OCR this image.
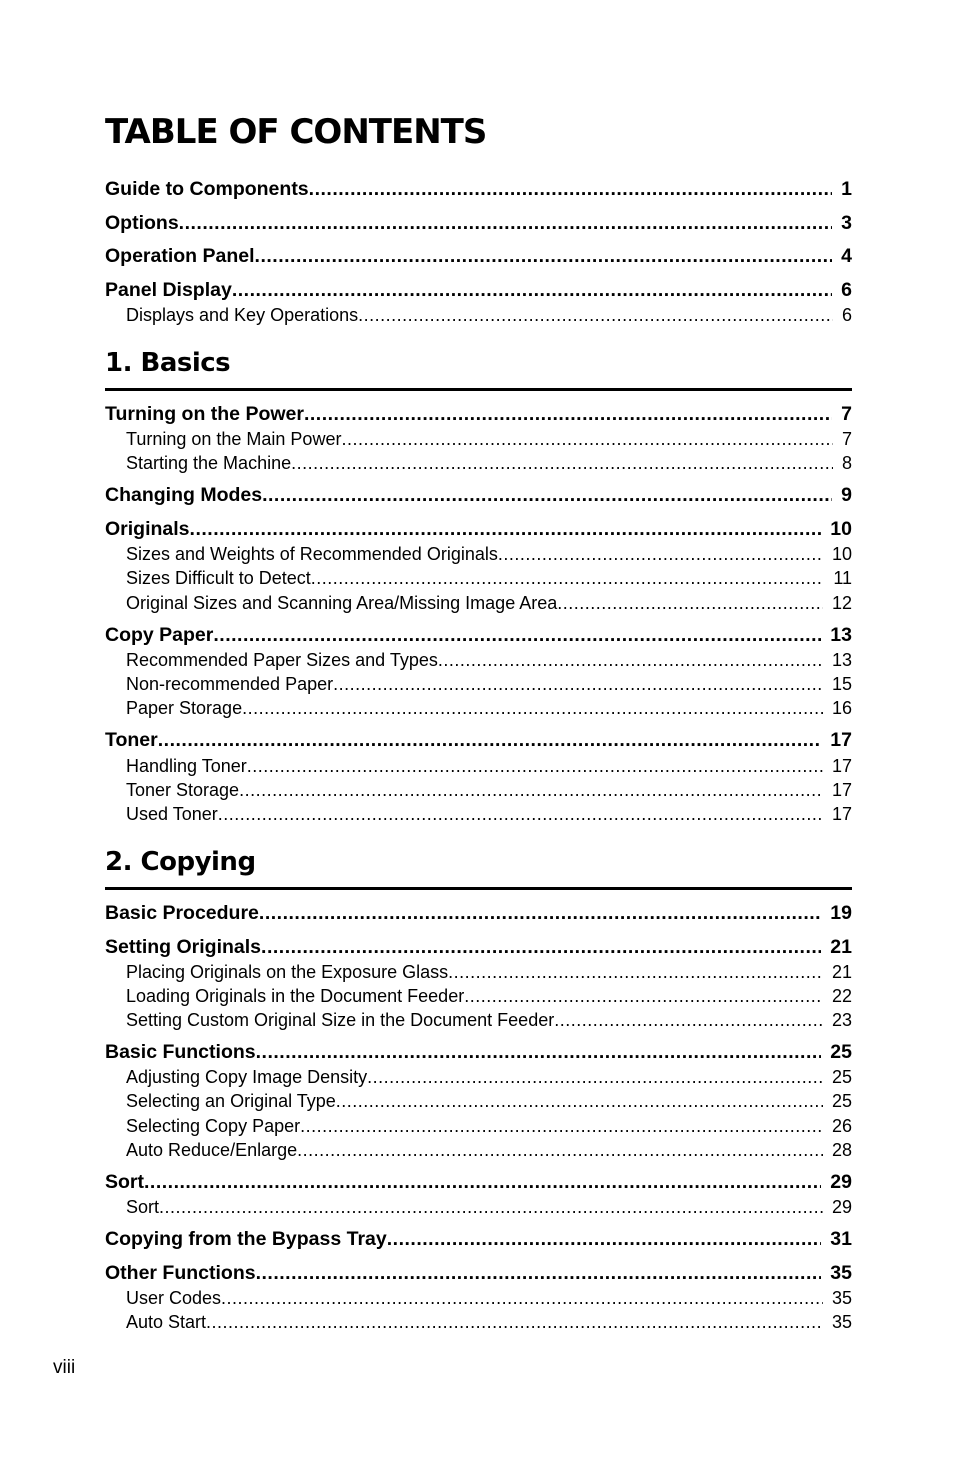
TABLE OF CONTENTS
Guide to Components .....	1
Options .....	3
Operation Panel .....	4
Panel Display .....	6
Displays and Key Operations .....	6
1. Basics
Turning on the Power .....	7
Turning on the Main Power .....	7
Starting the Machine .....	8
Changing Modes .....	9
Originals .....	10
Sizes and Weights of Recommended Originals .....	10
Sizes Difficult to Detect .....	11
Original Sizes and Scanning Area/Missing Image Area .....	12
Copy Paper .....	13
Recommended Paper Sizes and Types .....	13
Non-recommended Paper .....	15
Paper Storage .....	16
Toner .....	17
Handling Toner .....	17
Toner Storage .....	17
Used Toner .....	17
2. Copying
Basic Procedure .....	19
Setting Originals .....	21
Placing Originals on the Exposure Glass .....	21
Loading Originals in the Document Feeder .....	22
Setting Custom Original Size in the Document Feeder .....	23
Basic Functions .....	25
Adjusting Copy Image Density .....	25
Selecting an Original Type .....	25
Selecting Copy Paper .....	26
Auto Reduce/Enlarge .....	28
Sort .....	29
Sort .....	29
Copying from the Bypass Tray .....	31
Other Functions .....	35
User Codes .....	35
Auto Start .....	35
viii
